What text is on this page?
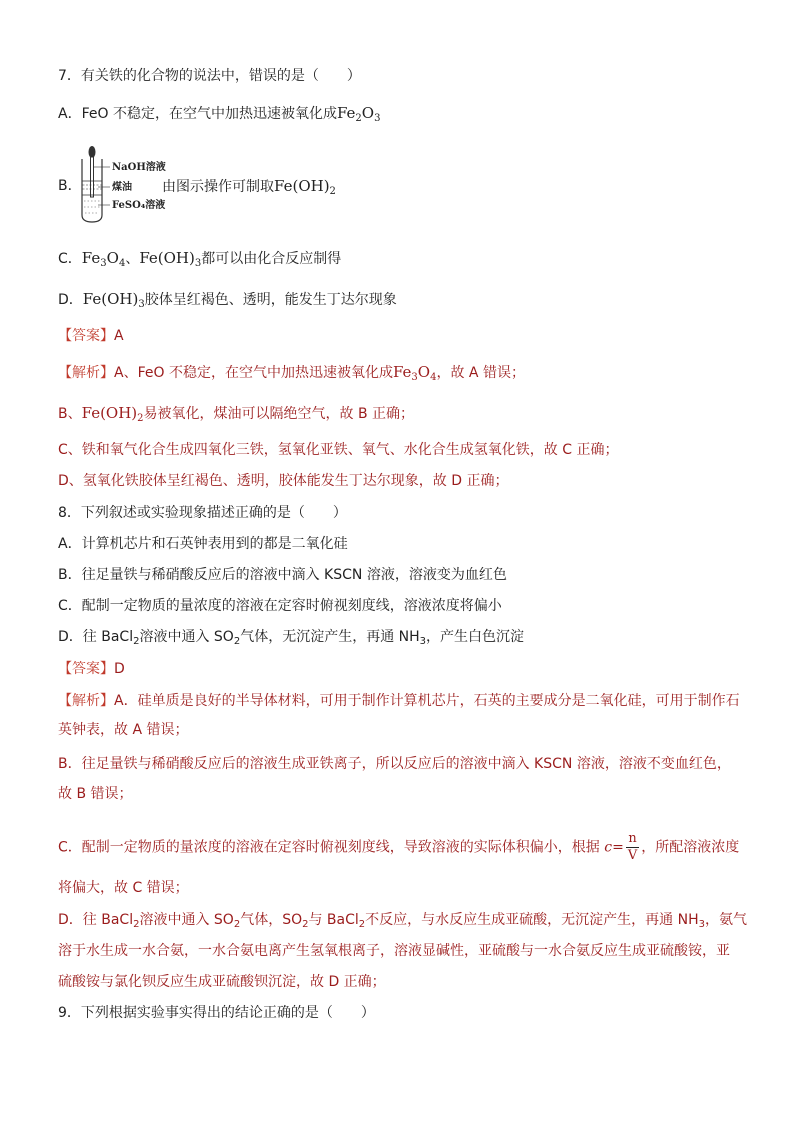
7．有关铁的化合物的说法中，错误的是（　　）
A．FeO 不稳定，在空气中加热迅速被氧化成$Fe_2O_3$
B．
NaOH溶液
煤油
FeSO₄溶液
由图示操作可制取$Fe(OH)_2$
C．$Fe_3O_4$、$Fe(OH)_3$都可以由化合反应制得
D．$Fe(OH)_3$胶体呈红褐色、透明，能发生丁达尔现象
【答案】A
【解析】A、FeO 不稳定，在空气中加热迅速被氧化成$Fe_3O_4$，故 A 错误；
B、$Fe(OH)_2$易被氧化，煤油可以隔绝空气，故 B 正确；
C、铁和氧气化合生成四氧化三铁，氢氧化亚铁、氧气、水化合生成氢氧化铁，故 C 正确；
D、氢氧化铁胶体呈红褐色、透明，胶体能发生丁达尔现象，故 D 正确；
8．下列叙述或实验现象描述正确的是（　　）
A．计算机芯片和石英钟表用到的都是二氧化硅
B．往足量铁与稀硝酸反应后的溶液中滴入 KSCN 溶液，溶液变为血红色
C．配制一定物质的量浓度的溶液在定容时俯视刻度线，溶液浓度将偏小
D．往 BaCl$_2$溶液中通入 $SO_2$气体，无沉淀产生，再通 $NH_3$，产生白色沉淀
【答案】D
【解析】A．硅单质是良好的半导体材料，可用于制作计算机芯片，石英的主要成分是二氧化硅，可用于制作石
英钟表，故 A 错误；
B．往足量铁与稀硝酸反应后的溶液生成亚铁离子，所以反应后的溶液中滴入 KSCN 溶液，溶液不变血红色，
故 B 错误；
C．配制一定物质的量浓度的溶液在定容时俯视刻度线，导致溶液的实际体积偏小，根据 $c= \frac{n}{V}$ ，所配溶液浓度
将偏大，故 C 错误；
D．往 BaCl$_2$溶液中通入 $SO_2$气体，$SO_2$与 BaCl$_2$不反应，与水反应生成亚硫酸，无沉淀产生，再通 $NH_3$，氨气
溶于水生成一水合氨，一水合氨电离产生氢氧根离子，溶液显碱性，亚硫酸与一水合氨反应生成亚硫酸铵，亚
硫酸铵与氯化钡反应生成亚硫酸钡沉淀，故 D 正确；
9．下列根据实验事实得出的结论正确的是（　　）
